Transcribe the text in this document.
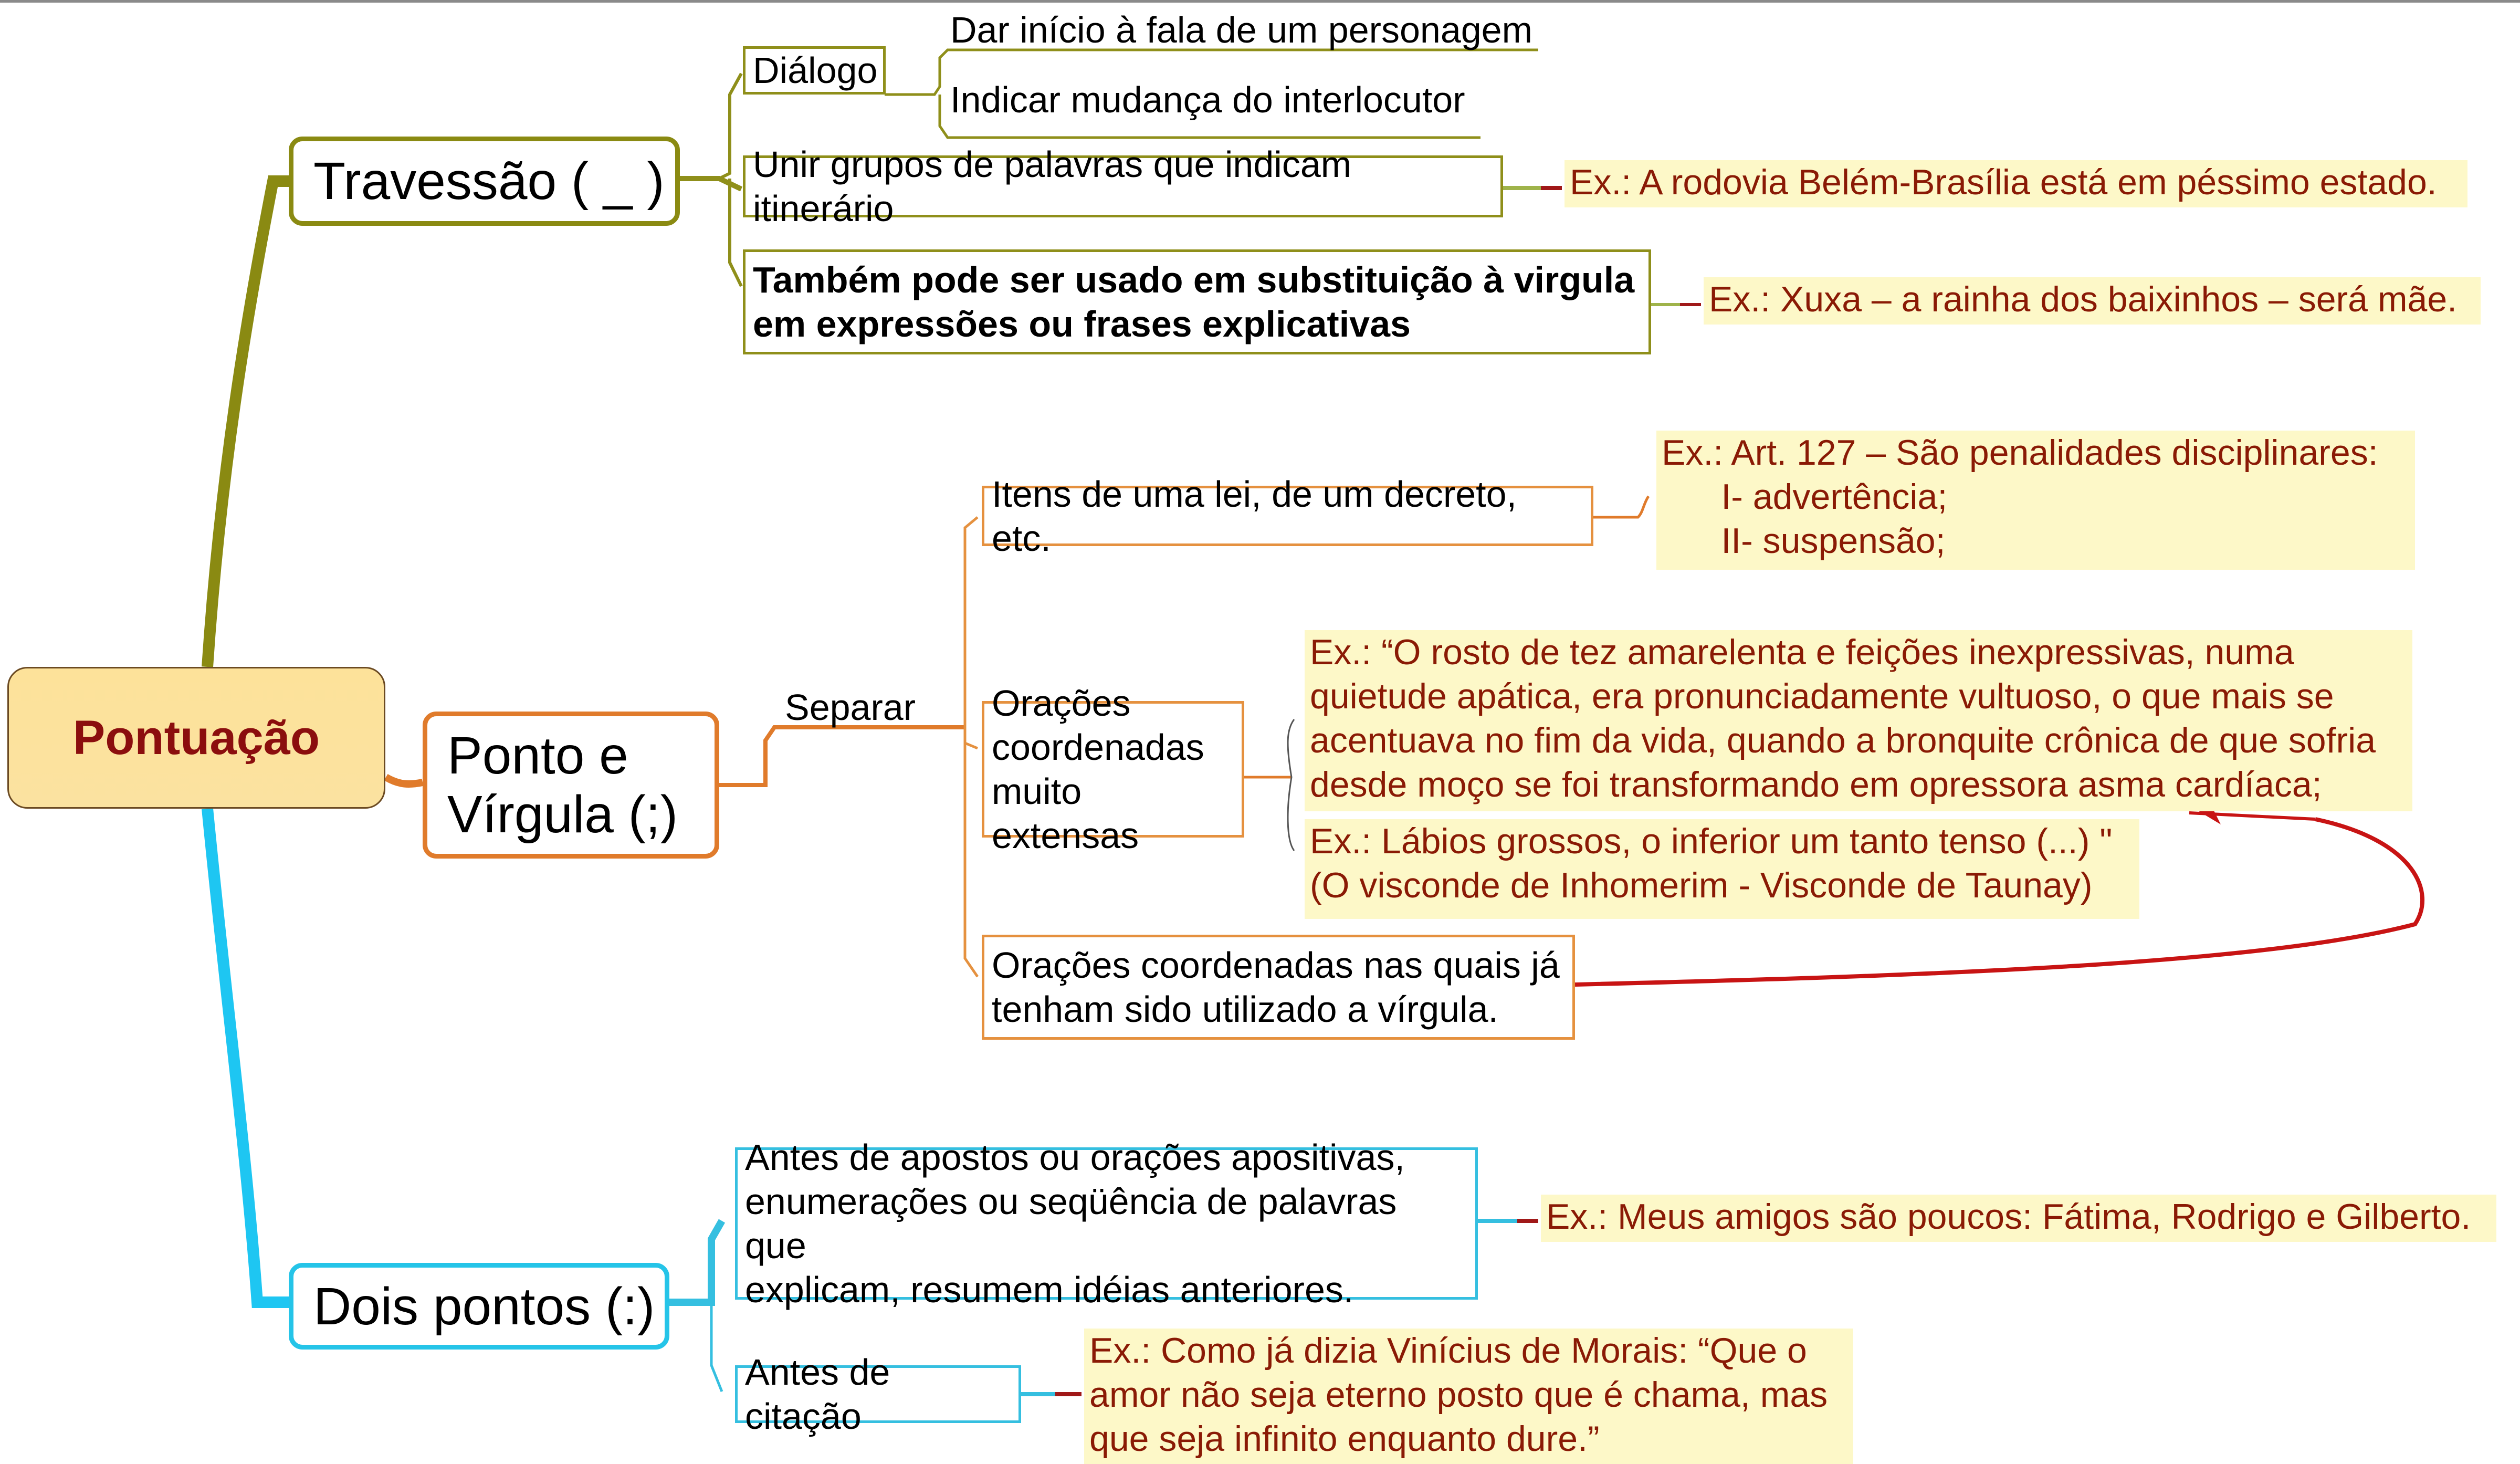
Pontuação
Travessão ( _ )
Diálogo
Dar início à fala de um personagem
Indicar mudança do interlocutor
Unir grupos de palavras que indicam itinerário
Ex.: A rodovia Belém-Brasília está em péssimo estado.
Também pode ser usado em substituição à virgula
em expressões ou frases explicativas
Ex.: Xuxa – a rainha dos baixinhos – será mãe.
Ponto e
Vírgula (;)
Separar
Itens de uma lei, de um decreto, etc.
Ex.: Art. 127 – São penalidades disciplinares:
I- advertência;
II- suspensão;
Orações
coordenadas
muito extensas
Ex.: “O rosto de tez amarelenta e feições inexpressivas, numa
quietude apática, era pronunciadamente vultuoso, o que mais se
acentuava no fim da vida, quando a bronquite crônica de que sofria
desde moço se foi transformando em opressora asma cardíaca;
Ex.: Lábios grossos, o inferior um tanto tenso (...) "
(O visconde de Inhomerim - Visconde de Taunay)
Orações coordenadas nas quais já
tenham sido utilizado a vírgula.
Dois pontos (:)
Antes de apostos ou orações apositivas,
enumerações ou seqüência de palavras que
explicam, resumem idéias anteriores.
Ex.: Meus amigos são poucos: Fátima, Rodrigo e Gilberto.
Antes de citação
Ex.: Como já dizia Vinícius de Morais: “Que o
amor não seja eterno posto que é chama, mas
que seja infinito enquanto dure.”
